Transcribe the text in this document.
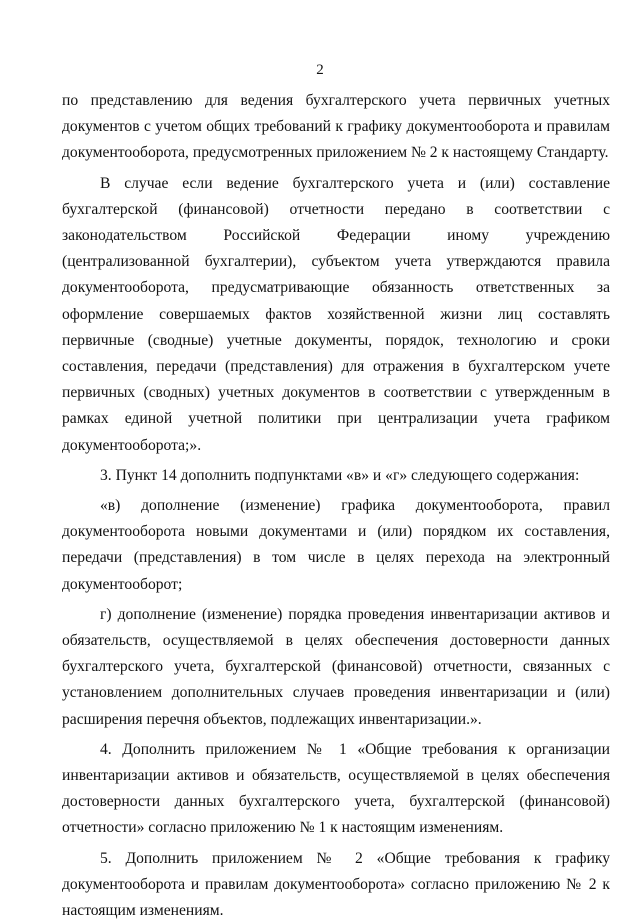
2

по представлению для ведения бухгалтерского учета первичных учетных документов с учетом общих требований к графику документооборота и правилам документооборота, предусмотренных приложением № 2 к настоящему Стандарту.

В случае если ведение бухгалтерского учета и (или) составление бухгалтерской (финансовой) отчетности передано в соответствии с законодательством Российской Федерации иному учреждению (централизованной бухгалтерии), субъектом учета утверждаются правила документооборота, предусматривающие обязанность ответственных за оформление совершаемых фактов хозяйственной жизни лиц составлять первичные (сводные) учетные документы, порядок, технологию и сроки составления, передачи (представления) для отражения в бухгалтерском учете первичных (сводных) учетных документов в соответствии с утвержденным в рамках единой учетной политики при централизации учета графиком документооборота;».

3. Пункт 14 дополнить подпунктами «в» и «г» следующего содержания:

«в) дополнение (изменение) графика документооборота, правил документооборота новыми документами и (или) порядком их составления, передачи (представления) в том числе в целях перехода на электронный документооборот;

г) дополнение (изменение) порядка проведения инвентаризации активов и обязательств, осуществляемой в целях обеспечения достоверности данных бухгалтерского учета, бухгалтерской (финансовой) отчетности, связанных с установлением дополнительных случаев проведения инвентаризации и (или) расширения перечня объектов, подлежащих инвентаризации.».

4. Дополнить приложением № 1 «Общие требования к организации инвентаризации активов и обязательств, осуществляемой в целях обеспечения достоверности данных бухгалтерского учета, бухгалтерской (финансовой) отчетности» согласно приложению № 1 к настоящим изменениям.

5. Дополнить приложением № 2 «Общие требования к графику документооборота и правилам документооборота» согласно приложению № 2 к настоящим изменениям.
